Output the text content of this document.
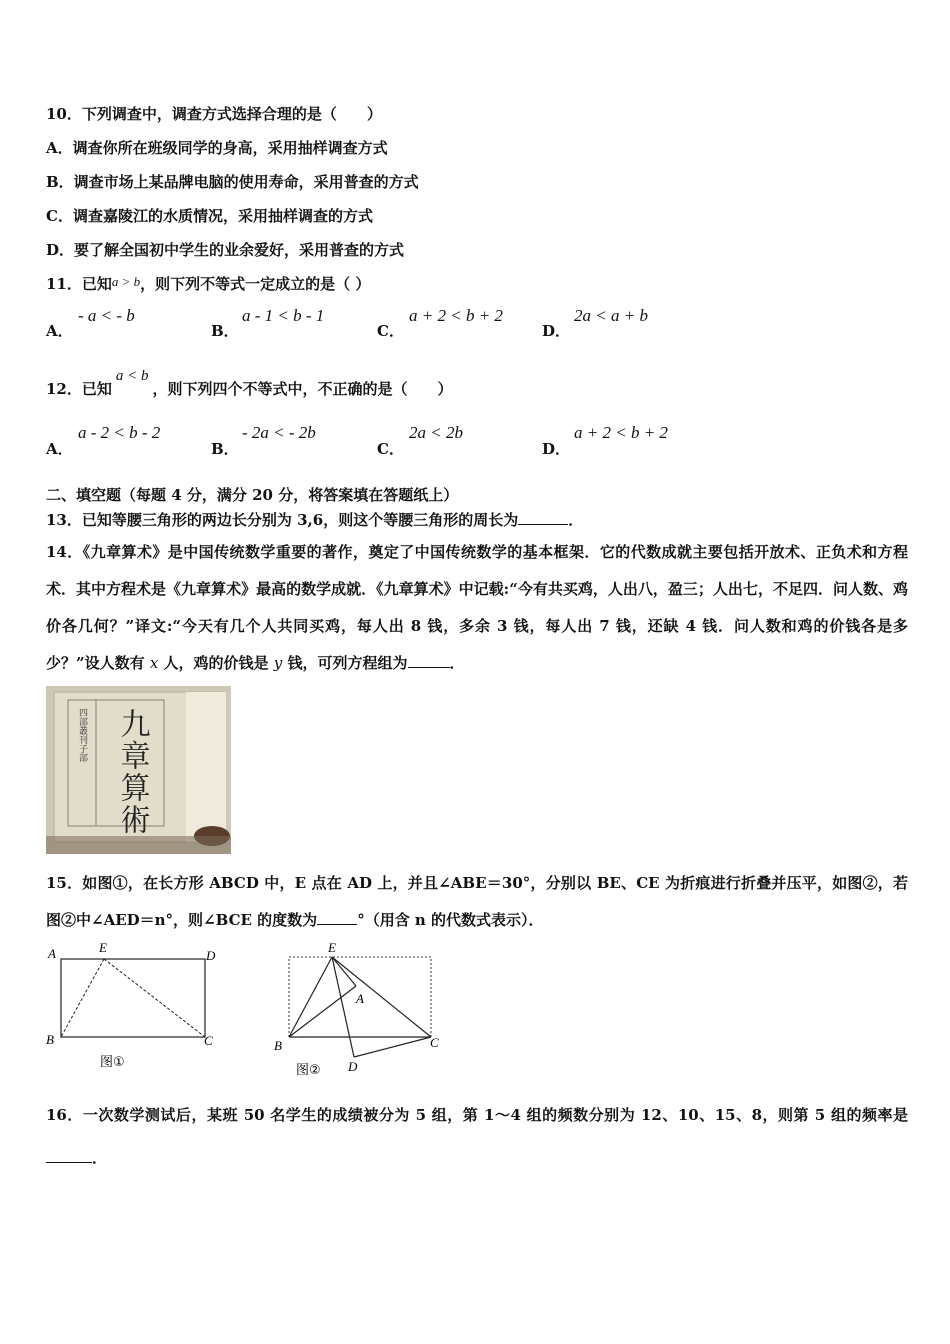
10．下列调查中，调查方式选择合理的是（　　）
A．调查你所在班级同学的身高，采用抽样调查方式
B．调查市场上某品牌电脑的使用寿命，采用普查的方式
C．调查嘉陵江的水质情况，采用抽样调查的方式
D．要了解全国初中学生的业余爱好，采用普查的方式
11．已知a > b，则下列不等式一定成立的是（ ）
A．
- a < - b
B．
a - 1 < b - 1
C．
a + 2 < b + 2
D．
2a < a + b
12．已知a < b，则下列四个不等式中，不正确的是（　　）
A．
a - 2 < b - 2
B．
- 2a < - 2b
C．
2a < 2b
D．
a + 2 < b + 2
二、填空题（每题 4 分，满分 20 分，将答案填在答题纸上）
13．已知等腰三角形的两边长分别为 3,6，则这个等腰三角形的周长为	．
14．《九章算术》是中国传统数学重要的著作，奠定了中国传统数学的基本框架．它的代数成就主要包括开放术、正负术和方程术．其中方程术是《九章算术》最高的数学成就．《九章算术》中记载:“今有共买鸡，人出八，盈三；人出七，不足四．问人数、鸡价各几何？”译文:“今天有几个人共同买鸡，每人出 8 钱，多余 3 钱，每人出 7 钱，还缺 4 钱．问人数和鸡的价钱各是多少？”设人数有 x 人，鸡的价钱是 y 钱，可列方程组为	．
四部叢刊子部 九章算術
15．如图①，在长方形 ABCD 中，E 点在 AD 上，并且∠ABE＝30°，分别以 BE、CE 为折痕进行折叠并压平，如图②，若图②中∠AED＝n°，则∠BCE 的度数为	°（用含 n 的代数式表示）．
A	E
D
B	C
图①
E
A
B	C
D
图②
16．一次数学测试后，某班 50 名学生的成绩被分为 5 组，第 1～4 组的频数分别为 12、10、15、8，则第 5 组的频率是．
